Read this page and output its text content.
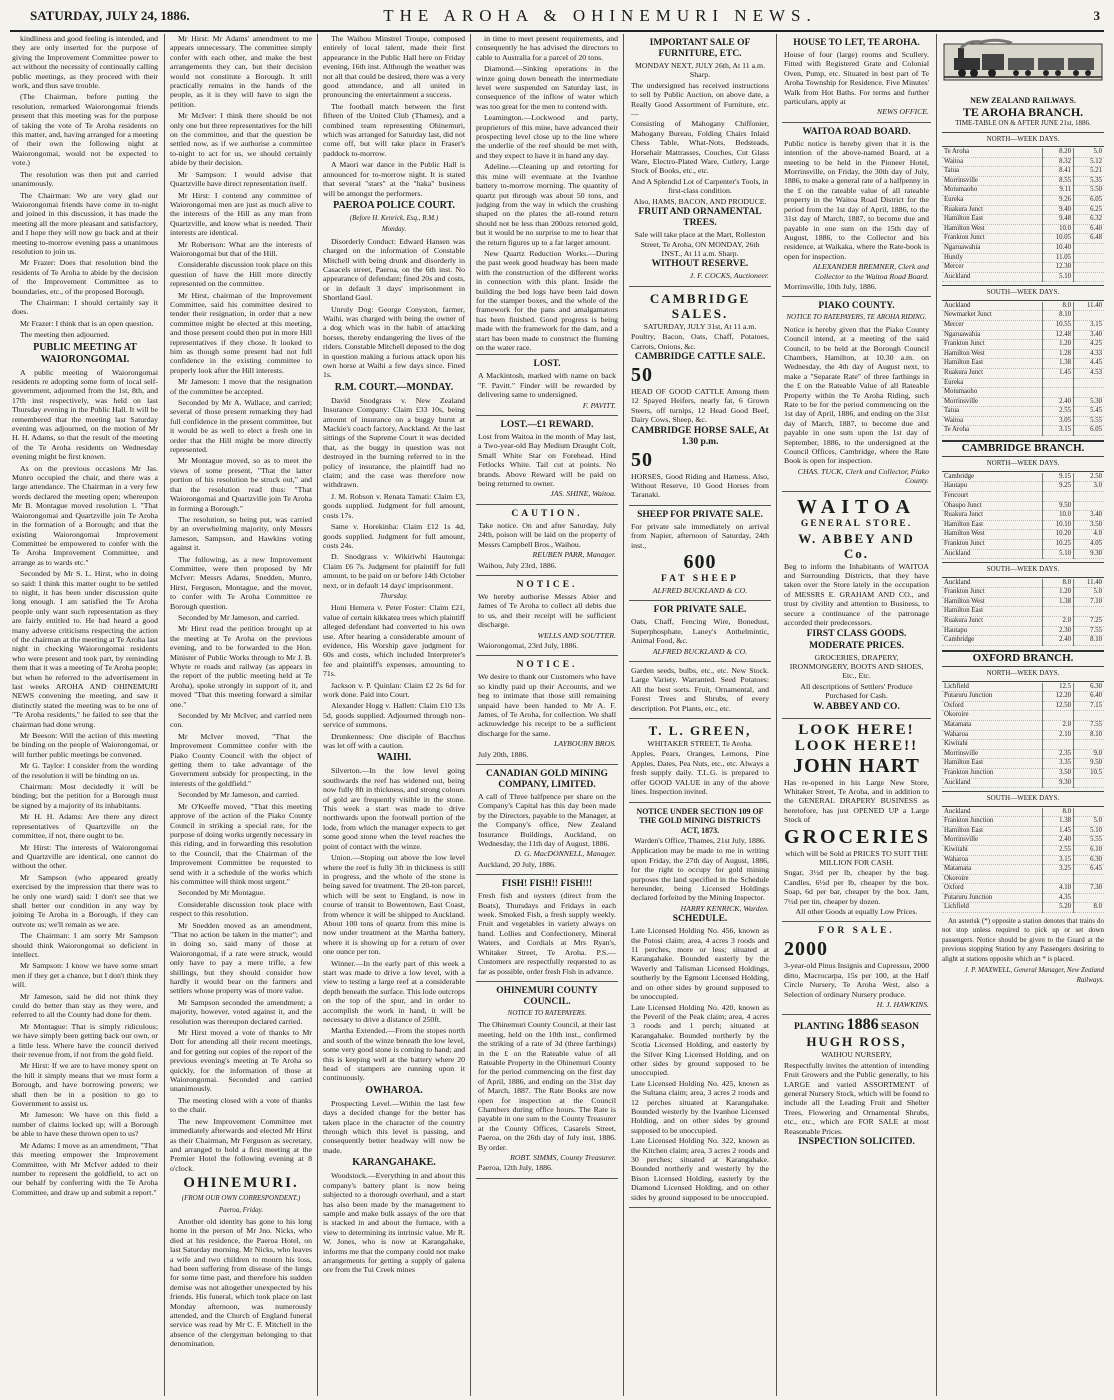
SATURDAY, JULY 24, 1886.	THE AROHA & OHINEMURI NEWS.	3

kindliness and good feeling is intended, and they are only inserted for the purpose of giving the Improvement Committee power to act without the necessity of continually calling public meetings, as they proceed with their work, and thus save trouble.

(The Chairman, before putting the resolution, remarked Waiorongomai friends present that this meeting was for the purpose of taking the vote of Te Aroha residents on this matter, and, having arranged for a meeting of their own the following night at Waiorongomai, would not be expected to vote.)

The resolution was then put and carried unanimously.

The Chairman: We are very glad our Waiorongomai friends have come in to-night and joined in this discussion, it has made the meeting all the more pleasant and satisfactory, and I hope they will now go back and at their meeting to-morrow evening pass a unanimous resolution to join us.

Mr Frazer: Does that resolution bind the residents of Te Aroha to abide by the decision of the Improvement Committee as to boundaries, etc., of the proposed Borough.

The Chairman: I should certainly say it does.

Mr Frazer: I think that is an open question.

The meeting then adjourned.

PUBLIC MEETING AT WAIORONGOMAI.

A public meeting of Waiorongomai residents re adopting some form of local self-government, adjourned from the 1st, 8th, and 17th inst respectively, was held on last Thursday evening in the Public Hall. It will be remembered that the meeting last Saturday evening was adjourned, on the motion of Mr H. H. Adams, so that the result of the meeting of the Te Aroha residents on Wednesday evening might be first known.

As on the previous occasions Mr Jas. Munro occupied the chair, and there was a large attendance. The Chairman in a very few words declared the meeting open; whereupon Mr B. Montague moved resolution 1. "That Waiorongomai and Quartzville join Te Aroha in the formation of a Borough; and that the existing Waiorongomai Improvement Committee be empowered to confer with the Te Aroha Improvement Committee, and arrange as to wards etc."

Seconded by Mr S. L. Hirst, who in doing so said: I think this matter ought to be settled to night, it has been under discussion quite long enough. I am satisfied the Te Aroha people only want such representation as they are fairly entitled to. He had heard a good many adverse criticisms respecting the action of the chairman at the meeting at Te Aroha last night in checking Waiorongomai residents who were present and took part, by reminding them that it was a meeting of Te Aroha people; but when he referred to the advertisement in last weeks AROHA AND OHINEMURI NEWS convening the meeting, and saw it distinctly stated the meeting was to be one of "Te Aroha residents," he failed to see that the chairman had done wrong.

Mr Beeson: Will the action of this meeting be binding on the people of Waiorongomai, or will further public meetings be convened.

Mr G. Taylor: I consider from the wording of the resolution it will be binding on us.

Chairman: Most decidedly it will be binding; but the petition for a Borough must be signed by a majority of its inhabitants.

Mr H. H. Adams: Are there any direct representatives of Quartzville on the committee, if not, there ought to be.

Mr Hirst: The interests of Waiorongomai and Quartzville are identical, one cannot do without the other.

Mr Sampson (who appeared greatly exercised by the impression that there was to be only one ward) said: I don't see that we shall better our condition in any way by joining Te Aroha in a Borough, if they can outvote us; we'll remain as we are.

The Chairman: I am sorry Mr Sampson should think Waiorongomai so deficient in intellect.

Mr Sampson: I know we have some smart men if they get a chance, but I don't think they will.

Mr Jameson, said he did not think they could do better than stay as they were, and referred to all the County had done for them.

Mr Montague: That is simply ridiculous; we have simply been getting back our own, or a little less. Where have the council derived their revenue from, if not from the gold field.

Mr Hirst: If we are to have money spent on the hill it simply means that we must form a Borough, and have borrowing powers; we shall then be in a position to go to Government to assist us.

Mr Jameson: We have on this field a number of claims locked up; will a Borough be able to have these thrown open to us?

Mr Adams: I move as an amendment, "That this meeting empower the Improvement Committee, with Mr McIver added to their number to represent the goldfield, to act on our behalf by conferring with the Te Aroha Committee, and draw up and submit a report."

Mr Hirst: Mr Adams' amendment to me appears unnecessary. The committee simply confer with each other, and make the best arrangements they can, but their decision would not constitute a Borough. It still practically remains in the hands of the people, as it is they will have to sign the petition.

Mr McIver: I think there should be not only one but three representatives for the hill on the committee, and that the question be settled now, as if we authorise a committee to-night to act for us, we should certainly abide by their decision.

Mr Sampson: I would advise that Quartzville have direct representation itself.

Mr Hirst: I contend any committee of Waiorongomai men are just as much alive to the interests of the Hill as any man from Quartzville, and know what is needed. Their interests are identical.

Mr Robertson: What are the interests of Waiorongomai but that of the Hill.

Considerable discussion took place on this question of have the Hill more directly represented on the committee.

Mr Hirst, chairman of the Improvement Committee, said his committee desired to tender their resignation, in order that a new committee might be elected at this meeting, and those present could then put in more Hill representatives if they chose. It looked to him as though some present had not full confidence in the existing committee to properly look after the Hill interests.

Mr Jameson: I move that the resignation of the committee be accepted.

Seconded by Mr A. Wallace, and carried; several of those present remarking they had full confidence in the present committee, but it would be as well to elect a fresh one in order that the Hill might be more directly represented.

Mr Montague moved, so as to meet the views of some present, "That the latter portion of his resolution be struck out," and that the resolution read thus: "That Waiorongomai and Quartzville join Te Aroha in forming a Borough."

The resolution, so being put, was carried by an overwhelming majority, only Messrs Jameson, Sampson, and Hawkins voting against it.

The following, as a new Improvement Committee, were then proposed by Mr McIver: Messrs Adams, Snedden, Munro, Hirst, Ferguson, Montague, and the mover, to confer with Te Aroha Committee re Borough question.

Seconded by Mr Jameson, and carried.

Mr Hirst read the petition brought up at the meeting at Te Aroha on the previous evening, and to be forwarded to the Hon. Minister of Public Works through to Mr J. B. Whyte re roads and railway (as appears in the report of the public meeting held at Te Aroha), spoke strongly in support of it, and moved "That this meeting forward a similar one."

Seconded by Mr McIver, and carried nem con.

Mr McIver moved, "That the Improvement Committee confer with the Piako County Council with the object of getting them to take advantage of the Government subsidy for prospecting, in the interests of the goldfield."

Seconded by Mr Jameson, and carried.

Mr O'Keeffe moved, "That this meeting approve of the action of the Piako County Council in striking a special rate, for the purpose of doing works urgently necessary in this riding, and in forwarding this resolution to the Council, that the Chairman of the Improvement Committee be requested to send with it a schedule of the works which his committee will think most urgent."

Seconded by Mr Montague.

Considerable discussion took place with respect to this resolution.

Mr Snedden moved as an amendment, "That no action be taken in the matter"; and in doing so, said many of those at Waiorongomai, if a rate were struck, would only have to pay a mere trifle, a few shillings, but they should consider how hardly it would bear on the farmers and settlers whose property was of more value.

Mr Sampson seconded the amendment; a majority, however, voted against it, and the resolution was thereupon declared carried.

Mr Hirst moved a vote of thanks to Mr Dott for attending all their recent meetings, and for getting out copies of the report of the previous evening's meeting at Te Aroha so quickly, for the information of those at Waiorongomai. Seconded and carried unanimously.

The meeting closed with a vote of thanks to the chair.

The new Improvement Committee met immediately afterwards and elected Mr Hirst as their Chairman, Mr Ferguson as secretary, and arranged to hold a first meeting at the Premier Hotel the following evening at 8 o'clock.

OHINEMURI.

(FROM OUR OWN CORRESPONDENT.)

Paeroa, Friday.

Another old identity has gone to his long home in the person of Mr Jno. Nicks, who died at his residence, the Paeroa Hotel, on last Saturday morning. Mr Nicks, who leaves a wife and two children to mourn his loss, had been suffering from disease of the lungs for some time past, and therefore his sudden demise was not altogether unexpected by his friends. His funeral, which took place on last Monday afternoon, was numerously attended, and the Church of England funeral service was read by Mr C. F. Mitchell in the absence of the clergyman belonging to that denomination.

The Waihou Minstrel Troupe, composed entirely of local talent, made their first appearance in the Public Hall here on Friday evening, 16th inst. Although the weather was not all that could be desired, there was a very good attendance, and all united in pronouncing the entertainment a success.

The football match between the first fifteen of the United Club (Thames), and a combined team representing Ohinemuri, which was arranged for Saturday last, did not come off, but will take place in Fraser's paddock to-morrow.

A Maori war dance in the Public Hall is announced for to-morrow night. It is stated that several "stars" at the "haka" business will be amongst the performers.

PAEROA POLICE COURT.

(Before H. Kenrick, Esq., R.M.)

Monday.

Disorderly Conduct: Edward Hansen was charged on the information of Constable Mitchell with being drunk and disorderly in Casacels street, Paeroa, on the 6th inst. No appearance of defendant; fined 20s and costs, or in default 3 days' imprisonment in Shortland Gaol.

Unruly Dog: George Conyston, farmer, Waihi, was charged with being the owner of a dog which was in the habit of attacking horses, thereby endangering the lives of the riders. Constable Mitchell deposed to the dog in question making a furious attack upon his own horse at Waihi a few days since. Fined 1s.

R.M. COURT.—MONDAY.

David Snodgrass v. New Zealand Insurance Company: Claim £33 10s, being amount of insurance on a buggy burnt at Mackie's coach factory, Auckland. At the last sittings of the Supreme Court it was decided that, as the buggy in question was not destroyed in the burning referred to in the policy of insurance, the plaintiff had no claim; and the case was therefore now withdrawn.

J. M. Robson v. Renata Tamati: Claim £3, goods supplied. Judgment for full amount, costs 17s.

Same v. Horekinha: Claim £12 1s 4d, goods supplied. Judgment for full amount, costs 24s.

D. Snodgrass v. Wikiriwhi Hautonga: Claim £6 7s. Judgment for plaintiff for full amount, to be paid on or before 14th October next, or in default 14 days' imprisonment.

Thursday.

Honi Hemera v. Peter Foster: Claim £21, value of certain kikkatea trees which plaintiff alleged defendant had converted to his own use. After hearing a considerable amount of evidence, His Worship gave judgment for 60s and costs, which included Interpreter's fee and plaintiff's expenses, amounting to 71s.

Jackson v. P. Quinlan: Claim £2 2s 6d for work done. Paid into Court.

Alexander Hogg v. Hallett: Claim £10 13s 5d, goods supplied. Adjourned through non-service of summons.

Drunkenness: One disciple of Bacchus was let off with a caution.

WAIHI.

Silverton.—In the low level going southwards the reef has widened out, being now fully 8ft in thickness, and strong colours of gold are frequently visible in the stone. This week a start was made to drive northwards upon the footwall portion of the lode, from which the manager expects to get some good stone when the level reaches the point of contact with the winze.

Union.—Stoping out above the low level where the reef is fully 3ft in thickness is still in progress, and the whole of the stone is being saved for treatment. The 20-ton parcel, which will be sent to England, is now in course of transit to Bowentown, East Coast, from whence it will be shipped to Auckland. About 100 tons of quartz from this mine is now under treatment at the Martha battery, where it is showing up for a return of over one ounce per ton.

Winner.—In the early part of this week a start was made to drive a low level, with a view to testing a large reef at a considerable depth beneath the surface. This lode outcrops on the top of the spur, and in order to accomplish the work in hand, it will be necessary to drive a distance of 250ft.

Martha Extended.—From the stopes north and south of the winze beneath the low level, some very good stone is coming to hand; and this is keeping well at the battery where 20 head of stampers are running upon it continuously.

OWHAROA.

Prospecting Level.—Within the last few days a decided change for the better has taken place in the character of the country through which this level is passing, and consequently better headway will now be made.

KARANGAHAKE.

Woodstock.—Everything in and about this company's battery plant is now being subjected to a thorough overhaul, and a start has also been made by the management to sample and make bulk assays of the ore that is stacked in and about the furnace, with a view to determining its intrinsic value. Mr R. W. Jones, who is now at Karangahake, informs me that the company could not make arrangements for getting a supply of galena ore from the Tui Creek mines

in time to meet present requirements, and consequently he has advised the directors to cable to Australia for a parcel of 20 tons.

Diamond.—Sinking operations in the winze going down beneath the intermediate level were suspended on Saturday last, in consequence of the inflow of water which was too great for the men to contend with.

Leamington.—Lockwood and party, proprietors of this mine, have advanced their prospecting level close up to the line where the underlie of the reef should be met with, and they expect to have it in hand any day.

Adeline.—Cleaning up and retorting for this mine will eventuate at the Ivanhoe battery to-morrow morning. The quantity of quartz put through was about 50 tons, and judging from the way in which the crushing shaped on the plates the all-round return should not be less than 200ozs retorted gold, but it would be no surprise to me to hear that the return figures up to a far larger amount.

New Quartz Reduction Works.—During the past week good headway has been made with the construction of the different works in connection with this plant. Inside the building the bed logs have been laid down for the stamper boxes, and the whole of the framework for the pans and amalgamators has been finished. Good progress is being made with the framework for the dam, and a start has been made to construct the fluming on the water race.

LOST.

A Mackintosh, marked with name on back "F. Pavitt." Finder will be rewarded by delivering same to undersigned.

F. PAVITT.

LOST.—£1 REWARD.

Lost from Waitoa in the month of May last, a Two-year-old Bay Medium Draught Colt, Small White Star on Forehead. Hind Fetlocks White. Tail cut at points. No brands. Above Reward will be paid on being returned to owner.

JAS. SHINE, Waitoa.

CAUTION.

Take notice. On and after Saturday, July 24th, poison will be laid on the property of Messrs Campbell Bros., Waihou.

REUBEN PARR, Manager.

Waihou, July 23rd, 1886.

NOTICE.

We hereby authorise Messrs Abier and James of Te Aroha to collect all debts due to us, and their receipt will be sufficient discharge.

WELLS AND SOUTTER.

Waiorongomai, 23rd July, 1886.

NOTICE.

We desire to thank our Customers who have so kindly paid up their Accounts, and we beg to intimate that those still remaining unpaid have been handed to Mr A. F. James, of Te Aroha, for collection. We shall acknowledge his receipt to be a sufficient discharge for the same.

LAYBOURN BROS.

July 20th, 1886.

CANADIAN GOLD MINING COMPANY, LIMITED.

A call of Three halfpence per share on the Company's Capital has this day been made by the Directors, payable to the Manager, at the Company's office, New Zealand Insurance Buildings, Auckland, on Wednesday, the 11th day of August, 1886.

D. G. MacDONNELL, Manager.

Auckland, 20 July, 1886.

FISH! FISH!! FISH!!!

Fresh fish and oysters (direct from the Boats), Thursdays and Fridays in each week. Smoked Fish, a fresh supply weekly. Fruit and vegetables in variety always on hand. Lollies and Confectionery, Mineral Waters, and Cordials at Mrs Ryan's, Whitaker Street, Te Aroha. P.S.—Customers are respectfully requested to as far as possible, order fresh Fish in advance.

OHINEMURI COUNTY COUNCIL.

NOTICE TO RATEPAYERS.

The Ohinemuri County Council, at their last meeting, held on the 10th inst., confirmed the striking of a rate of 3d (three farthings) in the £ on the Rateable value of all Rateable Property in the Ohinemuri County for the period commencing on the first day of April, 1886, and ending on the 31st day of March, 1887. The Rate Books are now open for inspection at the Council Chambers during office hours. The Rate is payable in one sum to the County Treasurer at the County Offices, Casarels Street, Paeroa, on the 26th day of July inst, 1886. By order.

ROBT. SIMMS, County Treasurer.

Paeroa, 12th July, 1886.

IMPORTANT SALE OF FURNITURE, ETC.

MONDAY NEXT, JULY 26th, At 11 a.m. Sharp.

The undersigned has received instructions to sell by Public Auction, on above date, a Really Good Assortment of Furniture, etc.—

Consisting of Mahogany Chiffonier, Mahogany Bureau, Folding Chairs Inlaid Chess Table, What-Nots, Bedsteads, Horsehair Mattrasses, Couches, Cut Glass Ware, Electro-Plated Ware, Cutlery, Large Stock of Books, etc., etc.

And A Splendid Lot of Carpenter's Tools, in first-class condition.

Also, HAMS, BACON, AND PRODUCE.

FRUIT AND ORNAMENTAL TREES.

Sale will take place at the Mart, Rolleston Street, Te Aroha, ON MONDAY, 26th INST., At 11 a.m. Sharp.

WITHOUT RESERVE.

J. F. COCKS, Auctioneer.

CAMBRIDGE SALES.

SATURDAY, JULY 31st, At 11 a.m.

Poultry, Bacon, Oats, Chaff, Potatoes, Carrots, Onions, &c.

CAMBRIDGE CATTLE SALE.

50

HEAD OF GOOD CATTLE Among them 12 Spayed Heifers, nearly fat, 6 Grown Steers, off turnips, 12 Head Good Beef, Dairy Cows, Sheep, &c.

CAMBRIDGE HORSE SALE, At 1.30 p.m.

50

HORSES, Good Riding and Harness. Also, Without Reserve, 10 Good Horses from Taranaki.

SHEEP FOR PRIVATE SALE.

For private sale immediately on arrival from Napier, afternoon of Saturday, 24th inst.,

600

FAT SHEEP

ALFRED BUCKLAND & CO.

FOR PRIVATE SALE.

Oats, Chaff, Fencing Wire, Bonedust, Superphosphate, Laney's Anthelmintic, Animal Food, &c.

ALFRED BUCKLAND & CO.

Garden seeds, bulbs, etc., etc. New Stock. Large Variety. Warranted. Seed Potatoes: All the best sorts. Fruit, Ornamental, and Forest Trees and Shrubs, of every description. Pot Plants, etc., etc.

T. L. GREEN,

WHITAKER STREET, Te Aroha.

Apples, Pears, Oranges, Lemons, Pine Apples, Dates, Pea Nuts, etc., etc. Always a fresh supply daily. T.L.G. is prepared to offer GOOD VALUE in any of the above lines. Inspection invited.

NOTICE UNDER SECTION 109 OF THE GOLD MINING DISTRICTS ACT, 1873.

Warden's Office, Thames, 21st July, 1886.

Application may be made to me in writing upon Friday, the 27th day of August, 1886, for the right to occupy for gold mining purposes the land specified in the Schedule hereunder, being Licensed Holdings declared forfeited by the Mining Inspector.

HARRY KENRICK, Warden.

SCHEDULE.

Late Licensed Holding No. 456, known as the Potosi claim; area, 4 acres 3 roods and 11 perches, more or less; situated at Karangahake. Bounded easterly by the Waverly and Talisman Licensed Holdings, southerly by the Egmont Licensed Holding, and on other sides by ground supposed to be unoccupied.

Late Licensed Holding No. 420, known as the Peveril of the Peak claim; area, 4 acres 3 roods and 1 perch; situated at Karangahake. Bounded northerly by the Scotia Licensed Holding, and easterly by the Silver King Licensed Holding, and on other sides by ground supposed to be unoccupied.

Late Licensed Holding No. 425, known as the Sultana claim; area, 3 acres 2 roods and 12 perches situated at Karangahake. Bounded westerly by the Ivanhoe Licensed Holding, and on other sides by ground supposed to be unoccupied.

Late Licensed Holding No. 322, known as the Kitchen claim; area, 3 acres 2 roods and 30 perches; situated at Karangahake. Bounded northerly and westerly by the Bison Licensed Holding, easterly by the Diamond Licensed Holding, and on other sides by ground supposed to be unoccupied.

HOUSE TO LET, TE AROHA.

House of four (large) rooms and Scullery. Fitted with Registered Grate and Colonial Oven, Pump, etc. Situated in best part of Te Aroha Township for Residence. Five Minutes' Walk from Hot Baths. For terms and further particulars, apply at

NEWS OFFICE.

WAITOA ROAD BOARD.

Public notice is hereby given that it is the intention of the above-named Board, at a meeting to be held in the Pioneer Hotel, Morrinsville, on Friday, the 30th day of July, 1886, to make a general rate of a halfpenny in the £ on the rateable value of all rateable property in the Waitoa Road District for the period from the 1st day of April, 1886, to the 31st day of March, 1887, to become due and payable in one sum on the 15th day of August, 1886, to the Collector and his residence, at Waikaka, where the Rate-book is open for inspection.

ALEXANDER BREMNER, Clerk and Collector to the Waitoa Road Board.

Morrinsville, 10th July, 1886.

PIAKO COUNTY.

NOTICE TO RATEPAYERS, TE AROHA RIDING.

Notice is hereby given that the Piako County Council intend, at a meeting of the said Council, to be held at the Borough Council Chambers, Hamilton, at 10.30 a.m. on Wednesday, the 4th day of August next, to make a "Separate Rate" of three farthings in the £ on the Rateable Value of all Rateable Property within the Te Aroha Riding, such Rate to be for the period commencing on the 1st day of April, 1886, and ending on the 31st day of March, 1887, to become due and payable in one sum upon the 1st day of September, 1886, to the undersigned at the Council Offices, Cambridge, where the Rate Book is open for inspection.

CHAS. TUCK, Clerk and Collector, Piako County.

WAITOA

GENERAL STORE.

W. ABBEY AND Co.

Beg to inform the Inhabitants of WAITOA and Surrounding Districts, that they have taken over the Store lately in the occupation of MESSRS E. GRAHAM AND CO., and trust by civility and attention to Business, to secure a continuance of the patronage accorded their predecessors.

FIRST CLASS GOODS.

MODERATE PRICES.

GROCERIES, DRAPERY, IRONMONGERY, BOOTS AND SHOES, Etc., Etc.

All descriptions of Settlers' Produce Purchased for Cash.

W. ABBEY AND CO.

LOOK HERE!

LOOK HERE!!

JOHN HART

Has re-opened in his Large New Store, Whitaker Street, Te Aroha, and in addition to the GENERAL DRAPERY BUSINESS as heretofore, has just OPENED UP a Large Stock of

GROCERIES

which will be Sold at PRICES TO SUIT THE MILLION FOR CASH.

Sugar, 3½d per lb, cheaper by the bag. Candles, 6½d per lb, cheaper by the box. Soap, 6d per bar, cheaper by the box. Jam, 7½d per tin, cheaper by dozen.

All other Goods at equally Low Prices.

FOR SALE.

2000

3-year-old Pinus Insignis and Cupressus, 2000 ditto, Macrocarpa, 15s per 100, at the Half Circle Nursery, Te Aroha West, also a Selection of ordinary Nursery produce.

H. J. HAWKINS.

PLANTING 1886 SEASON

HUGH ROSS,

WAIHOU NURSERY,

Respectfully invites the attention of intending Fruit Growers and the Public generally, to his LARGE and varied ASSORTMENT of general Nursery Stock, which will be found to include all the Leading Fruit and Shelter Trees, Flowering and Ornamental Shrubs, etc., etc., which are FOR SALE at most Reasonable Prices.

INSPECTION SOLICITED.

NEW ZEALAND RAILWAYS.
TE AROHA BRANCH.
TIME-TABLE ON & AFTER JUNE 21st, 1886.
NORTH—WEEK DAYS.
Te Aroha	8.20	5.0
Waitoa	8.32	5.12
Tatua	8.41	5.21
Morrinsville	8.55	5.35
Motumaoho	9.11	5.50
Eureka	9.26	6.05
Ruakura Junct	9.40	6.25
Hamilton East	9.48	6.32
Hamilton West	10.0	6.40
Frankton Junct	10.05	6.48
Ngaruawahia	10.40	
Huntly	11.05	
Mercer	12.30	
Auckland	5.10	
SOUTH—WEEK DAYS.
Auckland	8.0	11.40
Newmarket Junct	8.10	
Mercer	10.55	3.15
Ngaruawahia	12.48	3.40
Frankton Junct	1.20	4.25
Hamilton West	1.28	4.33
Hamilton East	1.38	4.45
Ruakura Junct	1.45	4.53
Eureka		
Motumaoho		
Morrinsville	2.40	5.30
Tatua	2.55	5.45
Waitoa	3.05	5.55
Te Aroha	3.15	6.05
CAMBRIDGE BRANCH.
NORTH—WEEK DAYS.
Cambridge	9.15	2.50
Hautapu	9.25	3.0
Fencourt		
Ohaupo Junct	9.50	
Ruakura Junct	10.0	3.40
Hamilton East	10.10	3.50
Hamilton West	10.20	4.0
Frankton Junct	10.25	4.05
Auckland	5.10	9.30
SOUTH—WEEK DAYS.
Auckland	8.0	11.40
Frankton Junct	1.20	5.0
Hamilton West	1.38	7.10
Hamilton East		
Ruakura Junct	2.0	7.25
Hautapu	2.30	7.55
Cambridge	2.40	8.10
OXFORD BRANCH.
NORTH—WEEK DAYS.
Lichfield	12.5	6.30
Putaruru Junction	12.20	6.40
Oxford	12.50	7.15
Okoroire		
Matamata	2.0	7.55
Waharoa	2.10	8.10
Kiwitahi		
Morrinsville	2.35	9.0
Hamilton East	3.35	9.50
Frankton Junction	3.50	10.5
Auckland	9.30	
SOUTH—WEEK DAYS.
Auckland	8.0	
Frankton Junction	1.38	5.0
Hamilton East	1.45	5.10
Morrinsville	2.40	5.55
Kiwitahi	2.55	6.10
Waharoa	3.15	6.30
Matamata	3.25	6.45
Okoroire		
Oxford	4.10	7.30
Putaruru Junction	4.35	
Lichfield	5.20	8.0

An asterisk (*) opposite a station denotes that trains do not stop unless required to pick up or set down passengers. Notice should be given to the Guard at the previous stopping Station by any Passengers desiring to alight at stations opposite which an * is placed.

J. P. MAXWELL, General Manager, New Zealand Railways.
